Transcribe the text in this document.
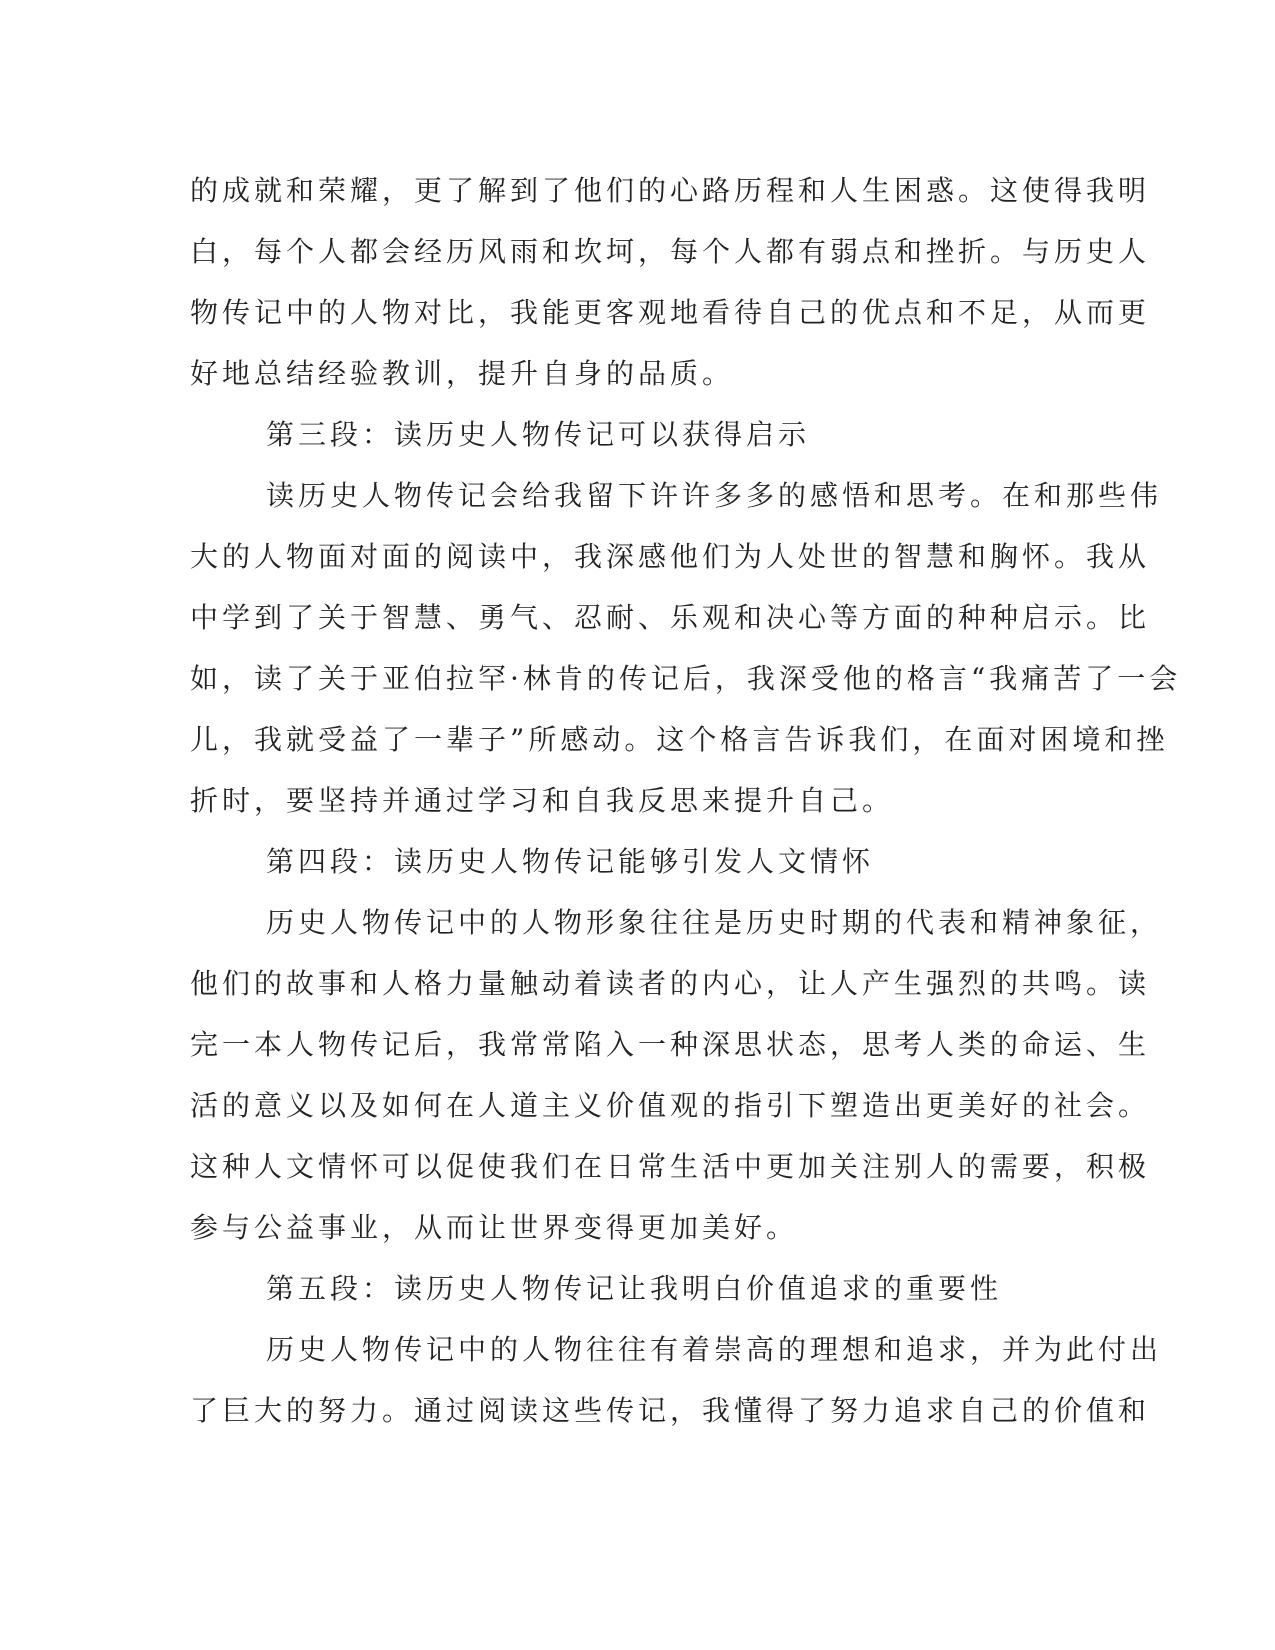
的成就和荣耀，更了解到了他们的心路历程和人生困惑。这使得我明

白，每个人都会经历风雨和坎坷，每个人都有弱点和挫折。与历史人

物传记中的人物对比，我能更客观地看待自己的优点和不足，从而更

好地总结经验教训，提升自身的品质。

第三段：读历史人物传记可以获得启示

读历史人物传记会给我留下许许多多的感悟和思考。在和那些伟

大的人物面对面的阅读中，我深感他们为人处世的智慧和胸怀。我从

中学到了关于智慧、勇气、忍耐、乐观和决心等方面的种种启示。比

如，读了关于亚伯拉罕·林肯的传记后，我深受他的格言“我痛苦了一会

儿，我就受益了一辈子”所感动。这个格言告诉我们，在面对困境和挫

折时，要坚持并通过学习和自我反思来提升自己。

第四段：读历史人物传记能够引发人文情怀

历史人物传记中的人物形象往往是历史时期的代表和精神象征，

他们的故事和人格力量触动着读者的内心，让人产生强烈的共鸣。读

完一本人物传记后，我常常陷入一种深思状态，思考人类的命运、生

活的意义以及如何在人道主义价值观的指引下塑造出更美好的社会。

这种人文情怀可以促使我们在日常生活中更加关注别人的需要，积极

参与公益事业，从而让世界变得更加美好。

第五段：读历史人物传记让我明白价值追求的重要性

历史人物传记中的人物往往有着崇高的理想和追求，并为此付出

了巨大的努力。通过阅读这些传记，我懂得了努力追求自己的价值和
